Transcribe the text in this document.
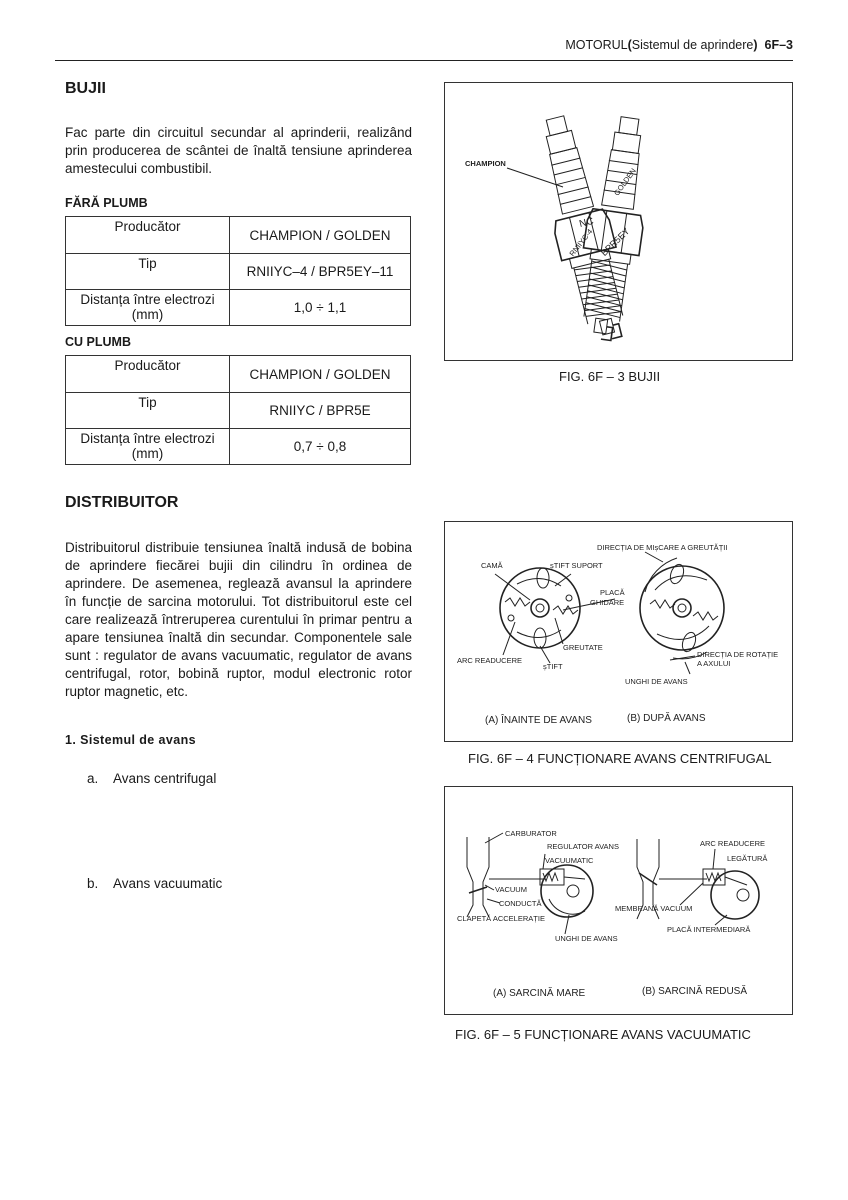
MOTORUL(Sistemul de aprindere) 6F–3
BUJII
Fac parte din circuitul secundar al aprinderii, realizând prin producerea de scântei de înaltă tensiune aprinderea amestecului combustibil.
FĂRĂ PLUMB
Producător	CHAMPION / GOLDEN
Tip	RNIIYC–4 / BPR5EY–11
Distanța între electrozi (mm)	1,0 ÷ 1,1
CU PLUMB
Producător	CHAMPION / GOLDEN
Tip	RNIIYC / BPR5E
Distanța între electrozi (mm)	0,7 ÷ 0,8
RNIIYC-4
NC
GOLDEN
BPR5EY
CHAMPION
FIG. 6F – 3 BUJII
DISTRIBUITOR
Distribuitorul distribuie tensiunea înaltă indusă de bobina de aprindere fiecărei bujii din cilindru în ordinea de aprindere. De asemenea, reglează avansul la aprindere în funcție de sarcina motorului. Tot distribuitorul este cel care realizează întreruperea curentului în primar pentru a apare tensiunea înaltă din secundar. Componentele sale sunt : regulator de avans vacuumatic, regulator de avans centrifugal, rotor, bobină ruptor, modul electronic rotor ruptor magnetic, etc.
1. Sistemul de avans
a. Avans centrifugal
b. Avans vacuumatic
DIRECȚIA DE MIșCARE A GREUTĂȚII
CAMĂ	șTIFT SUPORT
PLACĂ
GHIDARE
GREUTATE
ARC READUCERE
șTIFT
DIRECȚIA DE ROTAȚIE
A AXULUI
UNGHI DE AVANS
(A) ÎNAINTE DE AVANS	(B) DUPĂ AVANS
FIG. 6F – 4 FUNCȚIONARE AVANS CENTRIFUGAL
CARBURATOR
REGULATOR AVANS
VACUUMATIC
VACUUM
CONDUCTĂ
CLAPETĂ ACCELERAȚIE
UNGHI DE AVANS
ARC READUCERE
LEGĂTURĂ
MEMBRANĂ VACUUM
PLACĂ INTERMEDIARĂ
(A) SARCINĂ MARE	(B) SARCINĂ REDUSĂ
FIG. 6F – 5 FUNCȚIONARE AVANS VACUUMATIC
